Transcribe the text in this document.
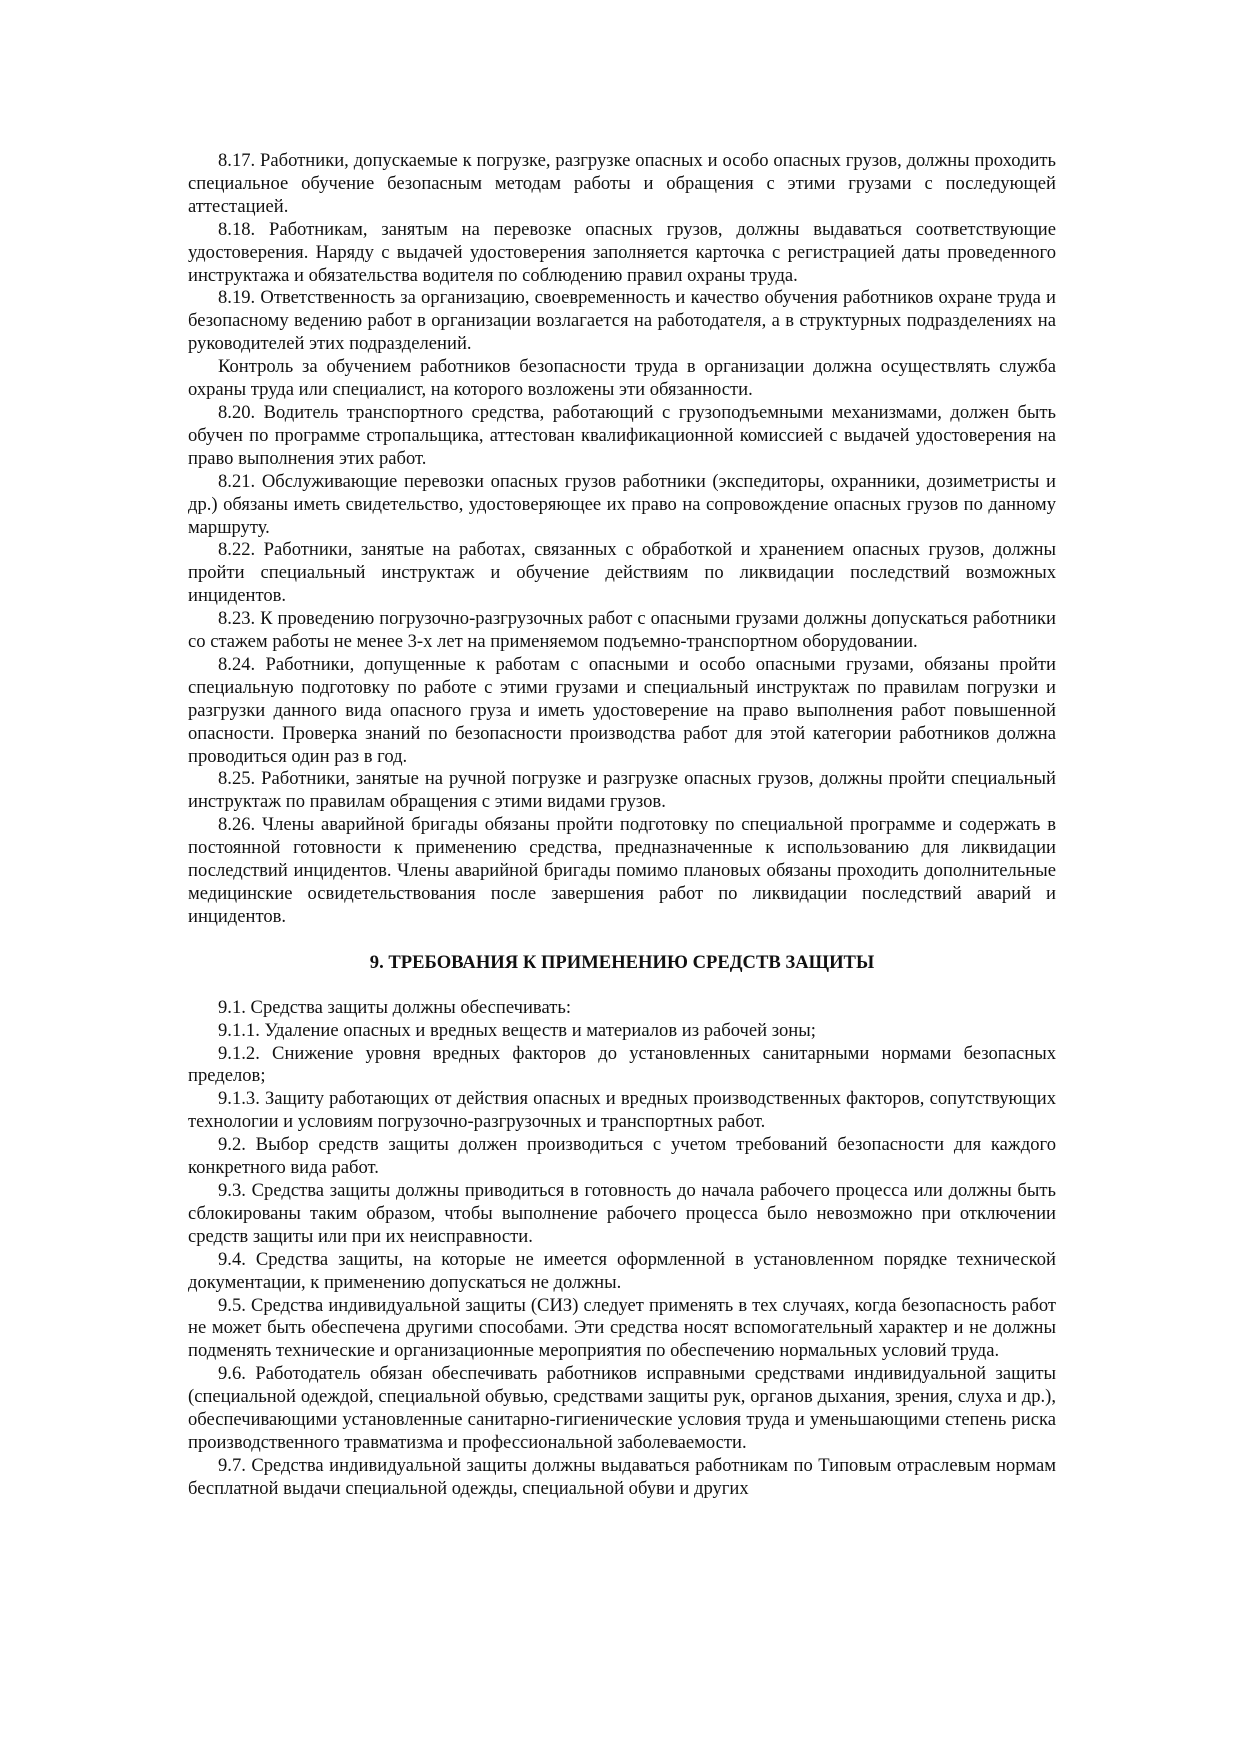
8.17. Работники, допускаемые к погрузке, разгрузке опасных и особо опасных грузов, должны проходить специальное обучение безопасным методам работы и обращения с этими грузами с последующей аттестацией.

8.18. Работникам, занятым на перевозке опасных грузов, должны выдаваться соответствующие удостоверения. Наряду с выдачей удостоверения заполняется карточка с регистрацией даты проведенного инструктажа и обязательства водителя по соблюдению правил охраны труда.

8.19. Ответственность за организацию, своевременность и качество обучения работников охране труда и безопасному ведению работ в организации возлагается на работодателя, а в структурных подразделениях на руководителей этих подразделений.

Контроль за обучением работников безопасности труда в организации должна осуществлять служба охраны труда или специалист, на которого возложены эти обязанности.

8.20. Водитель транспортного средства, работающий с грузоподъемными механизмами, должен быть обучен по программе стропальщика, аттестован квалификационной комиссией с выдачей удостоверения на право выполнения этих работ.

8.21. Обслуживающие перевозки опасных грузов работники (экспедиторы, охранники, дозиметристы и др.) обязаны иметь свидетельство, удостоверяющее их право на сопровождение опасных грузов по данному маршруту.

8.22. Работники, занятые на работах, связанных с обработкой и хранением опасных грузов, должны пройти специальный инструктаж и обучение действиям по ликвидации последствий возможных инцидентов.

8.23. К проведению погрузочно-разгрузочных работ с опасными грузами должны допускаться работники со стажем работы не менее 3-х лет на применяемом подъемно-транспортном оборудовании.

8.24. Работники, допущенные к работам с опасными и особо опасными грузами, обязаны пройти специальную подготовку по работе с этими грузами и специальный инструктаж по правилам погрузки и разгрузки данного вида опасного груза и иметь удостоверение на право выполнения работ повышенной опасности. Проверка знаний по безопасности производства работ для этой категории работников должна проводиться один раз в год.

8.25. Работники, занятые на ручной погрузке и разгрузке опасных грузов, должны пройти специальный инструктаж по правилам обращения с этими видами грузов.

8.26. Члены аварийной бригады обязаны пройти подготовку по специальной программе и содержать в постоянной готовности к применению средства, предназначенные к использованию для ликвидации последствий инцидентов. Члены аварийной бригады помимо плановых обязаны проходить дополнительные медицинские освидетельствования после завершения работ по ликвидации последствий аварий и инцидентов.

9. ТРЕБОВАНИЯ К ПРИМЕНЕНИЮ СРЕДСТВ ЗАЩИТЫ

9.1. Средства защиты должны обеспечивать:

9.1.1. Удаление опасных и вредных веществ и материалов из рабочей зоны;

9.1.2. Снижение уровня вредных факторов до установленных санитарными нормами безопасных пределов;

9.1.3. Защиту работающих от действия опасных и вредных производственных факторов, сопутствующих технологии и условиям погрузочно-разгрузочных и транспортных работ.

9.2. Выбор средств защиты должен производиться с учетом требований безопасности для каждого конкретного вида работ.

9.3. Средства защиты должны приводиться в готовность до начала рабочего процесса или должны быть сблокированы таким образом, чтобы выполнение рабочего процесса было невозможно при отключении средств защиты или при их неисправности.

9.4. Средства защиты, на которые не имеется оформленной в установленном порядке технической документации, к применению допускаться не должны.

9.5. Средства индивидуальной защиты (СИЗ) следует применять в тех случаях, когда безопасность работ не может быть обеспечена другими способами. Эти средства носят вспомогательный характер и не должны подменять технические и организационные мероприятия по обеспечению нормальных условий труда.

9.6. Работодатель обязан обеспечивать работников исправными средствами индивидуальной защиты (специальной одеждой, специальной обувью, средствами защиты рук, органов дыхания, зрения, слуха и др.), обеспечивающими установленные санитарно-гигиенические условия труда и уменьшающими степень риска производственного травматизма и профессиональной заболеваемости.

9.7. Средства индивидуальной защиты должны выдаваться работникам по Типовым отраслевым нормам бесплатной выдачи специальной одежды, специальной обуви и других
